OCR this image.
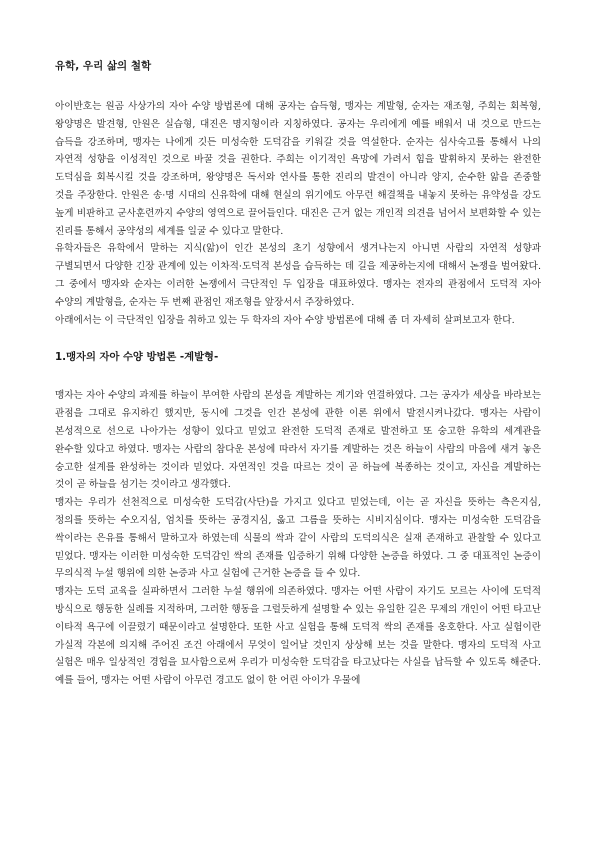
유학, 우리 삶의 철학

아이반호는 원곰 사상가의 자아 수양 방법론에 대해 공자는 습득형, 맹자는 계발형, 순자는 재조형, 주희는 회복형, 왕양명은 발견형, 안원은 실습형, 대진은 명지형이라 지칭하였다. 공자는 우리에게 예를 배워서 내 것으로 만드는 습득을 강조하며, 맹자는 나에게 깃든 미성숙한 도덕감을 키워갈 것을 역설한다. 순자는 심사숙고를 통해서 나의 자연적 성향을 이성적인 것으로 바꿀 것을 권한다. 주희는 이기적인 욕망에 가려서 힘을 발휘하지 못하는 완전한 도덕심을 회복시킬 것을 강조하며, 왕양명은 독서와 연사를 통한 진리의 발견이 아니라 양지, 순수한 앎을 존중할 것을 주장한다. 안원은 송·명 시대의 신유학에 대해 현실의 위기에도 아무런 해결책을 내놓지 못하는 유약성을 강도 높게 비판하고 군사훈련까지 수양의 영역으로 끌어들인다. 대진은 근거 없는 개인적 의견을 넘어서 보편화할 수 있는 진리를 통해서 공약성의 세계를 일굴 수 있다고 말한다.

유학자들은 유학에서 말하는 지식(앎)이 인간 본성의 초기 성향에서 생겨나는지 아니면 사람의 자연적 성향과 구별되면서 다양한 긴장 관계에 있는 이차적·도덕적 본성을 습득하는 데 길을 제공하는지에 대해서 논쟁을 벌여왔다. 그 중에서 맹자와 순자는 이러한 논쟁에서 극단적인 두 입장을 대표하였다. 맹자는 전자의 관점에서 도덕적 자아 수양의 계발형을, 순자는 두 번째 관점인 재조형을 앞장서서 주장하였다.

아래에서는 이 극단적인 입장을 취하고 있는 두 학자의 자아 수양 방법론에 대해 좀 더 자세히 살펴보고자 한다.

1.맹자의 자아 수양 방법론 -계발형-

맹자는 자아 수양의 과제를 하늘이 부여한 사람의 본성을 계발하는 계기와 연결하였다. 그는 공자가 세상을 바라보는 관점을 그대로 유지하긴 했지만, 동시에 그것을 인간 본성에 관한 이론 위에서 발전시켜나갔다. 맹자는 사람이 본성적으로 선으로 나아가는 성향이 있다고 믿었고 완전한 도덕적 존재로 발전하고 또 숭고한 유학의 세계관을 완수할 있다고 하였다. 맹자는 사람의 참다운 본성에 따라서 자기를 계발하는 것은 하늘이 사람의 마음에 새겨 놓은 숭고한 설계를 완성하는 것이라 믿었다. 자연적인 것을 따르는 것이 곧 하늘에 복종하는 것이고, 자신을 계발하는 것이 곧 하늘을 섬기는 것이라고 생각했다.

맹자는 우리가 선천적으로 미성숙한 도덕감(사단)을 가지고 있다고 믿었는데, 이는 곧 자신을 뜻하는 측은지심, 정의를 뜻하는 수오지심, 엄치를 뜻하는 공경지심, 옳고 그름을 뜻하는 시비지심이다. 맹자는 미성숙한 도덕감을 싹이라는 은유를 통해서 말하고자 하였는데 식물의 싹과 같이 사람의 도덕의식은 실재 존재하고 관찰할 수 있다고 믿었다. 맹자는 이러한 미성숙한 도덕감인 싹의 존재를 입증하기 위해 다양한 논증을 하였다. 그 중 대표적인 논증이 무의식적 누설 행위에 의한 논증과 사고 실험에 근거한 논증을 들 수 있다.

맹자는 도덕 교육을 실파하면서 그러한 누설 행위에 의존하였다. 맹자는 어떤 사람이 자기도 모르는 사이에 도덕적 방식으로 행동한 실례를 지적하며, 그러한 행동을 그럴듯하게 설명할 수 있는 유일한 길은 무제의 개인이 어떤 타고난 이타적 욕구에 이끌렸기 때문이라고 설명한다. 또한 사고 실험을 통해 도덕적 싹의 존재를 옹호한다. 사고 실험이란 가실적 각본에 의지해 주어진 조건 아래에서 무엇이 일어날 것인지 상상해 보는 것을 말한다. 맹자의 도덕적 사고 실험은 매우 일상적인 경험을 묘사함으로써 우리가 미성숙한 도덕감을 타고났다는 사실을 납득할 수 있도록 해준다. 예를 들어, 맹자는 어떤 사람이 아무런 경고도 없이 한 어린 아이가 우물에
